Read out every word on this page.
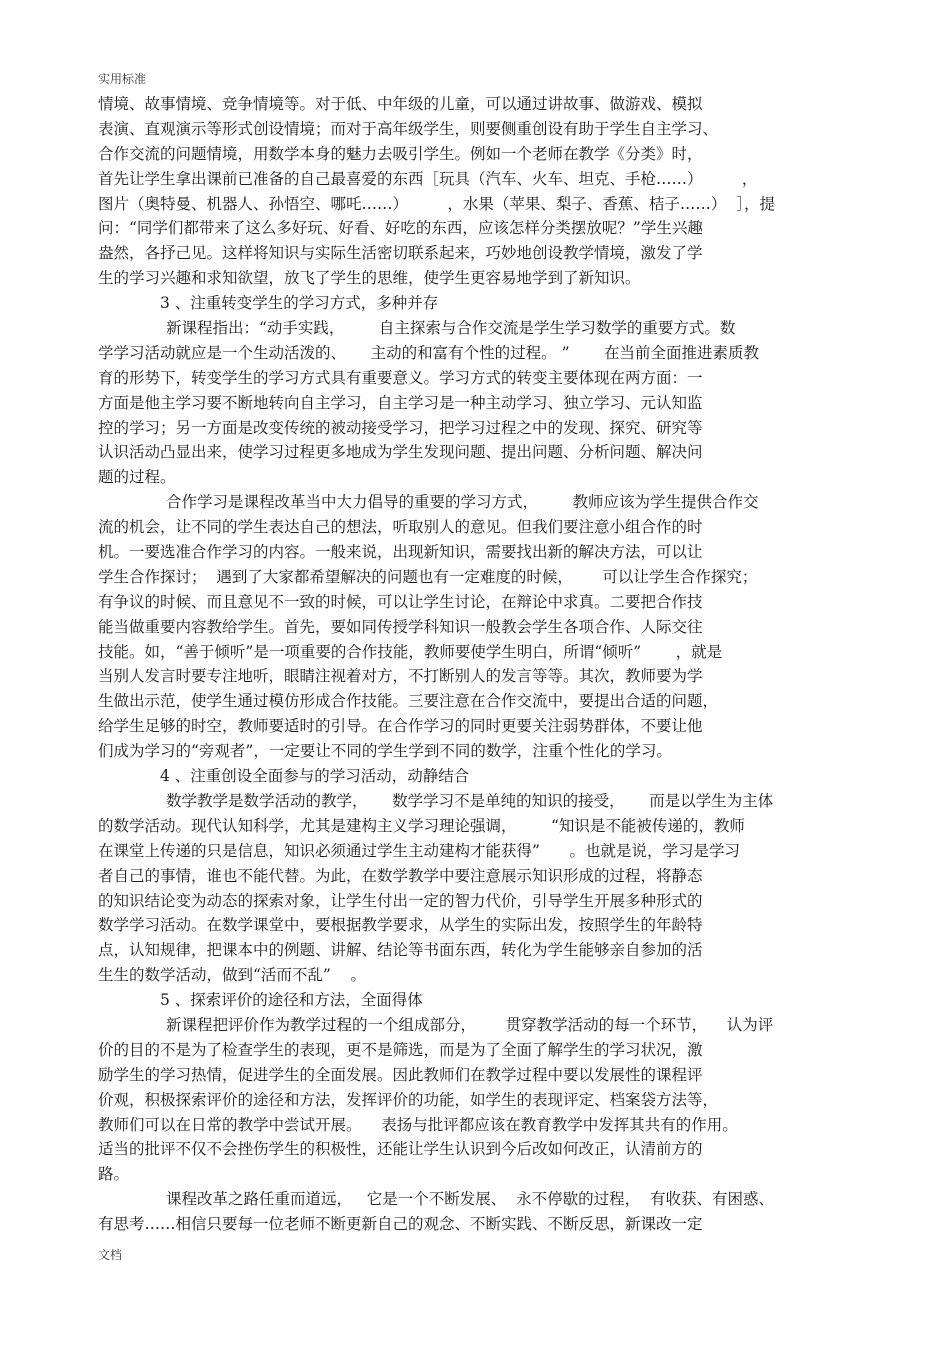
实用标准
情境、故事情境、竞争情境等。对于低、中年级的儿童，可以通过讲故事、做游戏、模拟
表演、直观演示等形式创设情境；而对于高年级学生，则要侧重创设有助于学生自主学习、
合作交流的问题情境，用数学本身的魅力去吸引学生。例如一个老师在教学《分类》时，
首先让学生拿出课前已准备的自己最喜爱的东西［玩具（汽车、火车、坦克、手枪……）        ，
图片（奥特曼、机器人、孙悟空、哪吒……）        ，水果（苹果、梨子、香蕉、桔子……）  ］，提
问：“同学们都带来了这么多好玩、好看、好吃的东西，应该怎样分类摆放呢？”学生兴趣
盎然，各抒己见。这样将知识与实际生活密切联系起来，巧妙地创设教学情境，激发了学
生的学习兴趣和求知欲望，放飞了学生的思维，使学生更容易地学到了新知识。
3 、注重转变学生的学习方式，多种并存
新课程指出：“动手实践，       自主探索与合作交流是学生学习数学的重要方式。数
学学习活动就应是一个生动活泼的、     主动的和富有个性的过程。 ”       在当前全面推进素质教
育的形势下，转变学生的学习方式具有重要意义。学习方式的转变主要体现在两方面：一
方面是他主学习要不断地转向自主学习，自主学习是一种主动学习、独立学习、元认知监
控的学习；另一方面是改变传统的被动接受学习，把学习过程之中的发现、探究、研究等
认识活动凸显出来，使学习过程更多地成为学生发现问题、提出问题、分析问题、解决问
题的过程。
合作学习是课程改革当中大力倡导的重要的学习方式，       教师应该为学生提供合作交
流的机会，让不同的学生表达自己的想法，听取别人的意见。但我们要注意小组合作的时
机。一要选准合作学习的内容。一般来说，出现新知识，需要找出新的解决方法，可以让
学生合作探讨；  遇到了大家都希望解决的问题也有一定难度的时候，      可以让学生合作探究；
有争议的时候、而且意见不一致的时候，可以让学生讨论，在辩论中求真。二要把合作技
能当做重要内容教给学生。首先，要如同传授学科知识一般教会学生各项合作、人际交往
技能。如，“善于倾听”是一项重要的合作技能，教师要使学生明白，所谓“倾听”       ，就是
当别人发言时要专注地听，眼睛注视着对方，不打断别人的发言等等。其次，教师要为学
生做出示范，使学生通过模仿形成合作技能。三要注意在合作交流中，要提出合适的问题，
给学生足够的时空，教师要适时的引导。在合作学习的同时更要关注弱势群体，不要让他
们成为学习的“旁观者”，一定要让不同的学生学到不同的数学，注重个性化的学习。
4 、注重创设全面参与的学习活动，动静结合
数学教学是数学活动的教学，     数学学习不是单纯的知识的接受，     而是以学生为主体
的数学活动。现代认知科学，尤其是建构主义学习理论强调，       “知识是不能被传递的，教师
在课堂上传递的只是信息，知识必须通过学生主动建构才能获得”      。也就是说，学习是学习
者自己的事情，谁也不能代替。为此，在数学教学中要注意展示知识形成的过程，将静态
的知识结论变为动态的探索对象，让学生付出一定的智力代价，引导学生开展多种形式的
数学学习活动。在数学课堂中，要根据教学要求，从学生的实际出发，按照学生的年龄特
点，认知规律，把课本中的例题、讲解、结论等书面东西，转化为学生能够亲自参加的活
生生的数学活动，做到“活而不乱”    。
5 、探索评价的途径和方法，全面得体
新课程把评价作为教学过程的一个组成部分，      贯穿教学活动的每一个环节，    认为评
价的目的不是为了检查学生的表现，更不是筛选，而是为了全面了解学生的学习状况，激
励学生的学习热情，促进学生的全面发展。因此教师们在教学过程中要以发展性的课程评
价观，积极探索评价的途径和方法，发挥评价的功能，如学生的表现评定、档案袋方法等，
教师们可以在日常的教学中尝试开展。    表扬与批评都应该在教育教学中发挥其共有的作用。
适当的批评不仅不会挫伤学生的积极性，还能让学生认识到今后改如何改正，认清前方的
路。
课程改革之路任重而道远，   它是一个不断发展、  永不停歇的过程，  有收获、有困惑、
有思考……相信只要每一位老师不断更新自己的观念、不断实践、不断反思，新课改一定
文档
